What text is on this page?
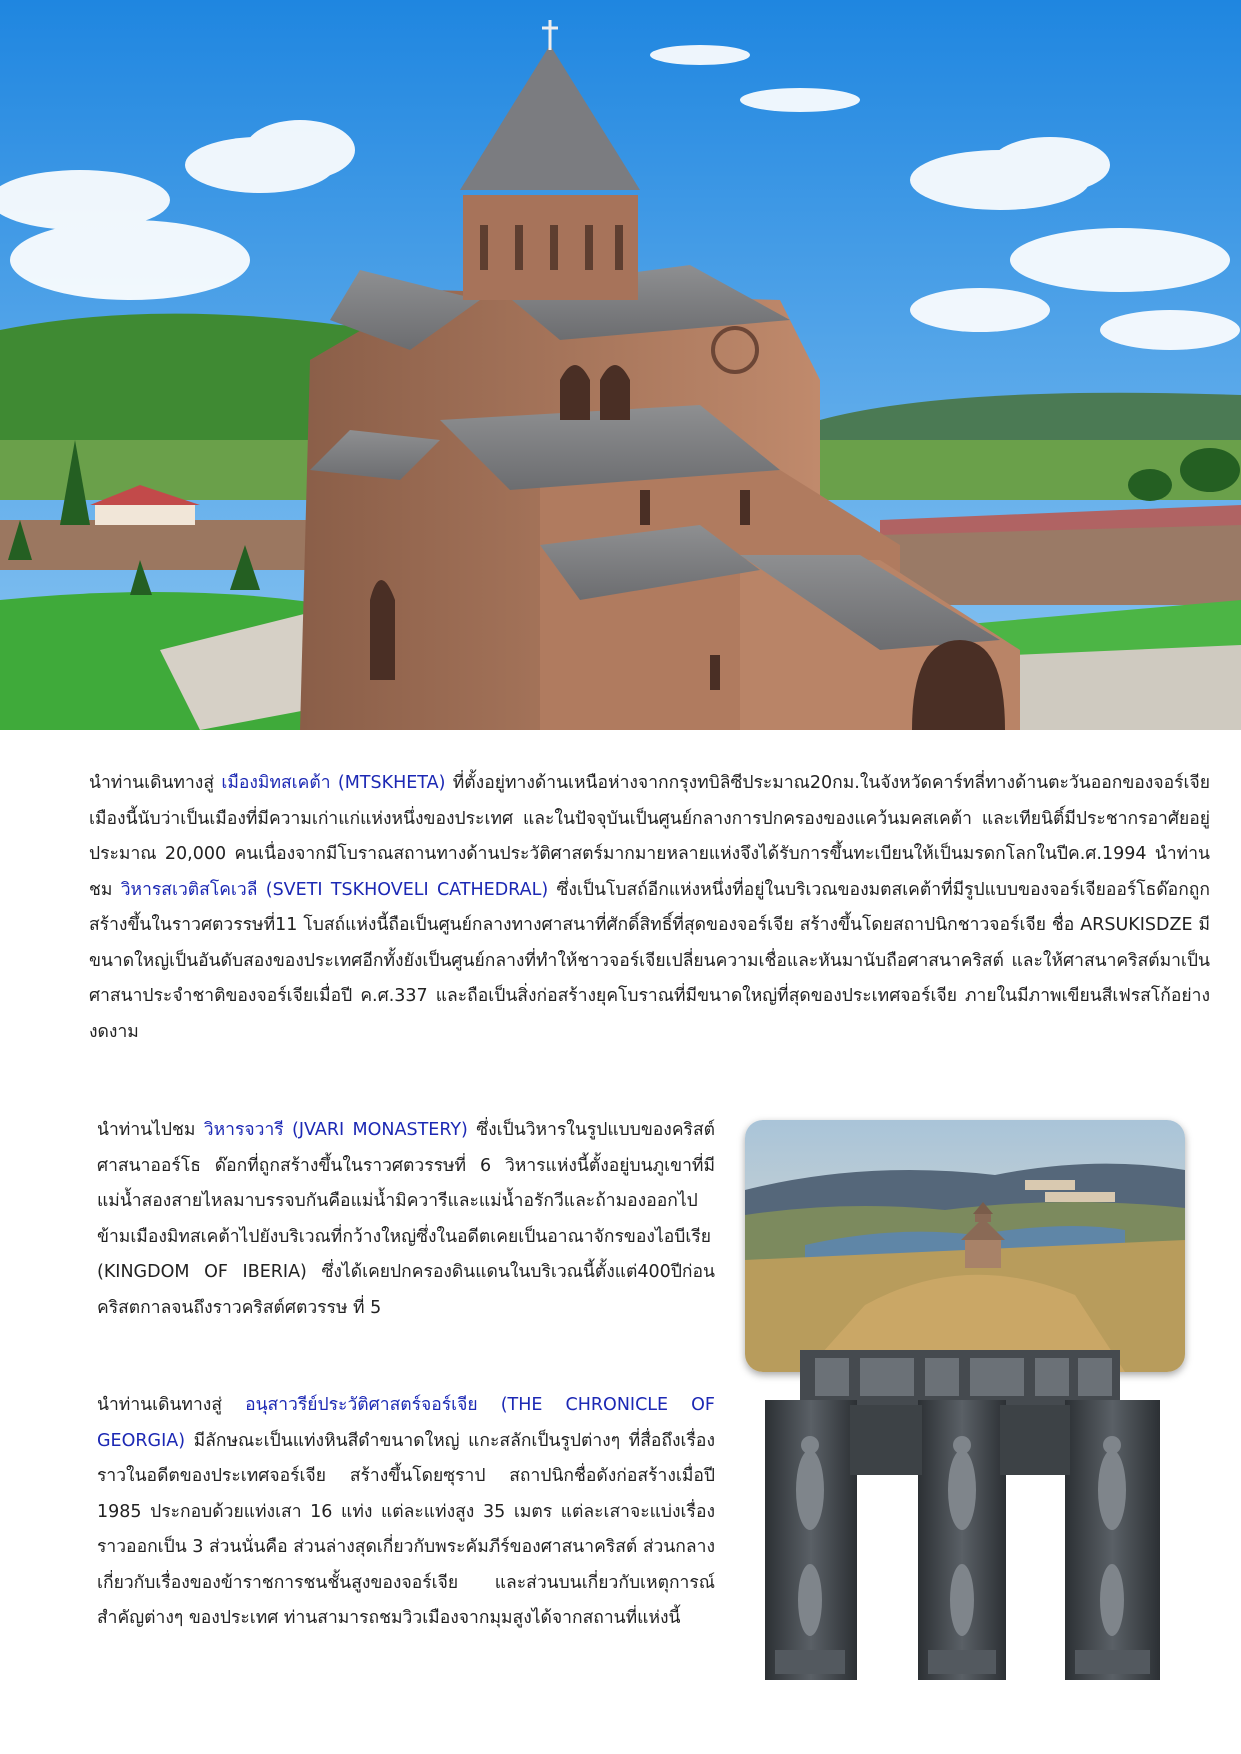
นำท่านเดินทางสู่ เมืองมิทสเคต้า (MTSKHETA) ที่ตั้งอยู่ทางด้านเหนือห่างจากกรุงทบิลิซีประมาณ20กม.ในจังหวัดคาร์ทลี่ทางด้านตะวันออกของจอร์เจียเมืองนี้นับว่าเป็นเมืองที่มีความเก่าแก่แห่งหนึ่งของประเทศ และในปัจจุบันเป็นศูนย์กลางการปกครองของแคว้นมคสเคต้า และเทียนิติ์มีประชากรอาศัยอยู่ประมาณ 20,000 คนเนื่องจากมีโบราณสถานทางด้านประวัติศาสตร์มากมายหลายแห่งจึงได้รับการขึ้นทะเบียนให้เป็นมรดกโลกในปีค.ศ.1994 นำท่านชม วิหารสเวติสโคเวลี (SVETI TSKHOVELI CATHEDRAL) ซึ่งเป็นโบสถ์อีกแห่งหนึ่งที่อยู่ในบริเวณของมตสเคต้าที่มีรูปแบบของจอร์เจียออร์โธด๊อกถูกสร้างขึ้นในราวศตวรรษที่11 โบสถ์แห่งนี้ถือเป็นศูนย์กลางทางศาสนาที่ศักดิ์สิทธิ์ที่สุดของจอร์เจีย สร้างขึ้นโดยสถาปนิกชาวจอร์เจีย ชื่อ ARSUKISDZE มีขนาดใหญ่เป็นอันดับสองของประเทศอีกทั้งยังเป็นศูนย์กลางที่ทำให้ชาวจอร์เจียเปลี่ยนความเชื่อและหันมานับถือศาสนาคริสต์ และให้ศาสนาคริสต์มาเป็นศาสนาประจำชาติของจอร์เจียเมื่อปี ค.ศ.337 และถือเป็นสิ่งก่อสร้างยุคโบราณที่มีขนาดใหญ่ที่สุดของประเทศจอร์เจีย ภายในมีภาพเขียนสีเฟรสโก้อย่างงดงาม

นำท่านไปชม วิหารจวารี (JVARI MONASTERY) ซึ่งเป็นวิหารในรูปแบบของคริสต์ศาสนาออร์โธ ด๊อกที่ถูกสร้างขึ้นในราวศตวรรษที่ 6 วิหารแห่งนี้ตั้งอยู่บนภูเขาที่มีแม่น้ำสองสายไหลมาบรรจบกันคือแม่น้ำมิควารีและแม่น้ำอรักวีและถ้ามองออกไปข้ามเมืองมิทสเคต้าไปยังบริเวณที่กว้างใหญ่ซึ่งในอดีตเคยเป็นอาณาจักรของไอบีเรีย (KINGDOM OF IBERIA) ซึ่งได้เคยปกครองดินแดนในบริเวณนี้ตั้งแต่400ปีก่อนคริสตกาลจนถึงราวคริสต์ศตวรรษ ที่ 5

นำท่านเดินทางสู่ อนุสาวรีย์ประวัติศาสตร์จอร์เจีย (THE CHRONICLE OF GEORGIA) มีลักษณะเป็นแท่งหินสีดำขนาดใหญ่ แกะสลักเป็นรูปต่างๆ ที่สื่อถึงเรื่องราวในอดีตของประเทศจอร์เจีย สร้างขึ้นโดยซุราป สถาปนิกชื่อดังก่อสร้างเมื่อปี 1985 ประกอบด้วยแท่งเสา 16 แท่ง แต่ละแท่งสูง 35 เมตร แต่ละเสาจะแบ่งเรื่องราวออกเป็น 3 ส่วนนั่นคือ ส่วนล่างสุดเกี่ยวกับพระคัมภีร์ของศาสนาคริสต์ ส่วนกลางเกี่ยวกับเรื่องของข้าราชการชนชั้นสูงของจอร์เจีย และส่วนบนเกี่ยวกับเหตุการณ์สำคัญต่างๆ ของประเทศ ท่านสามารถชมวิวเมืองจากมุมสูงได้จากสถานที่แห่งนี้
